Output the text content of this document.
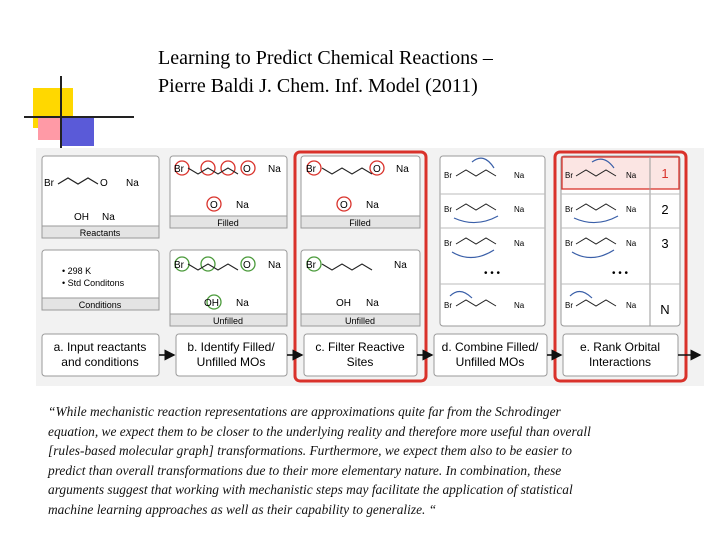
Learning to Predict Chemical Reactions –
Pierre Baldi J. Chem. Inf. Model (2011)
Br	O Na
OH Na
Reactants
• 298 K
• Std Conditons
Conditions
Br	O Na
O Na
Filled
Br	O Na
OH Na
Unfilled
Br	O Na
O Na
Filled
Br	Na
OH Na
Unfilled
Br	Na
Br	Na
Br	Na
• • •
Br	Na
Br	Na 1
Br	Na 2
Br	Na 3
• • •
Br	Na N
a. Input reactants
and conditions
b. Identify Filled/
Unfilled MOs
c. Filter Reactive
Sites
d. Combine Filled/
Unfilled MOs
e. Rank Orbital
Interactions
“While mechanistic reaction representations are approximations quite far from the Schrodinger
equation, we expect them to be closer to the underlying reality and therefore more useful than overall
[rules-based molecular graph] transformations. Furthermore, we expect them also to be easier to
predict than overall transformations due to their more elementary nature. In combination, these
arguments suggest that working with mechanistic steps may facilitate the application of statistical
machine learning approaches as well as their capability to generalize. “
